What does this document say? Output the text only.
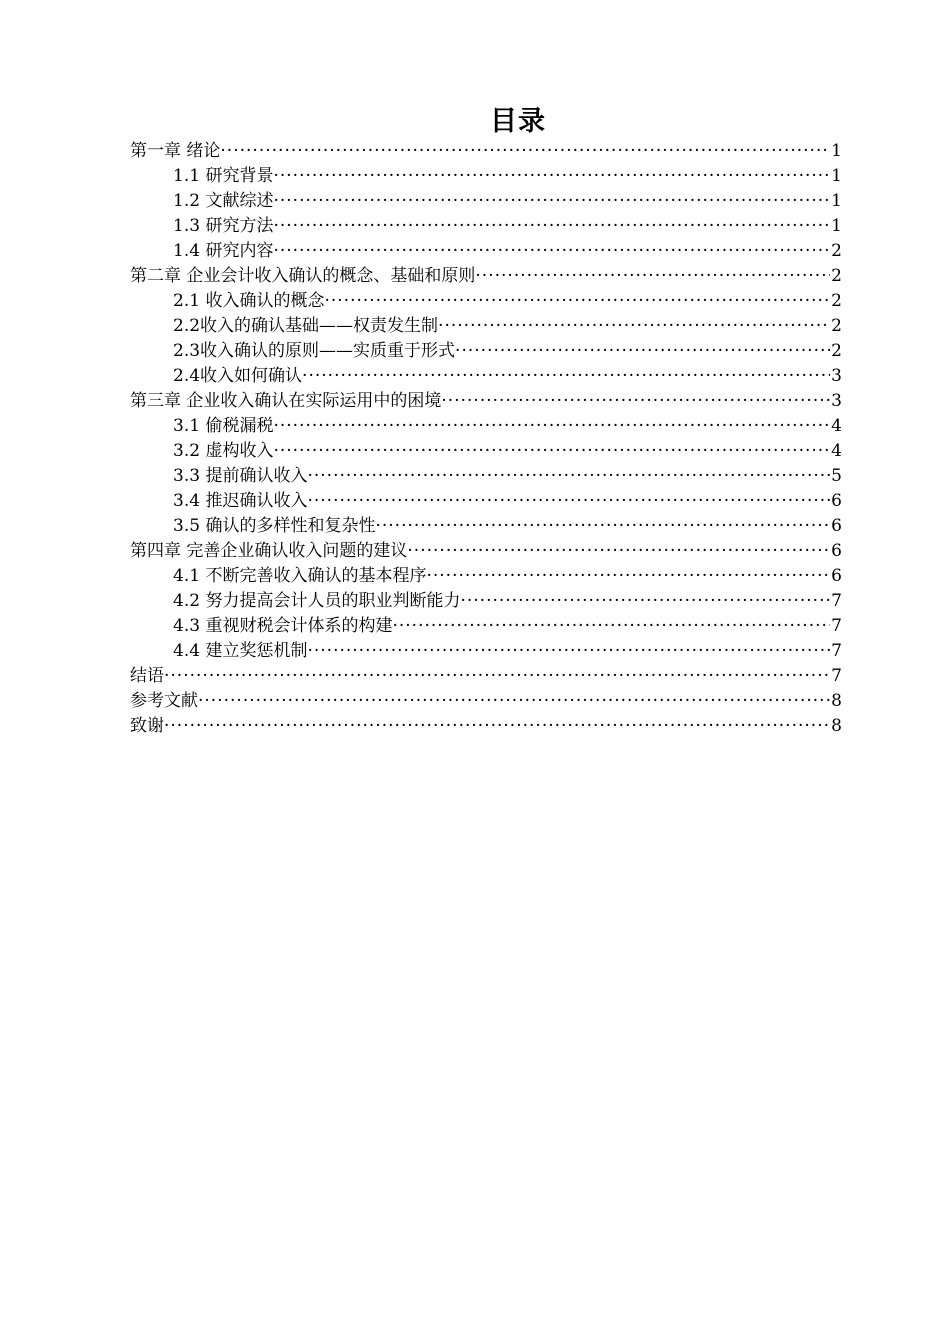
目录
第一章 绪论 ·····	1
1.1 研究背景 ·····	1
1.2 文献综述 ·····	1
1.3 研究方法 ·····	1
1.4 研究内容 ·····	2
第二章 企业会计收入确认的概念、基础和原则 ·····	2
2.1 收入确认的概念 ·····	2
2.2收入的确认基础——权责发生制 ·····	2
2.3收入确认的原则——实质重于形式 ·····	2
2.4收入如何确认 ·····	3
第三章 企业收入确认在实际运用中的困境 ·····	3
3.1 偷税漏税 ·····	4
3.2 虚构收入 ·····	4
3.3 提前确认收入 ·····	5
3.4 推迟确认收入 ·····	6
3.5 确认的多样性和复杂性 ·····	6
第四章 完善企业确认收入问题的建议 ·····	6
4.1 不断完善收入确认的基本程序 ·····	6
4.2 努力提高会计人员的职业判断能力 ·····	7
4.3 重视财税会计体系的构建 ·····	7
4.4 建立奖惩机制 ·····	7
结语 ·····	7
参考文献 ·····	8
致谢 ·····	8
